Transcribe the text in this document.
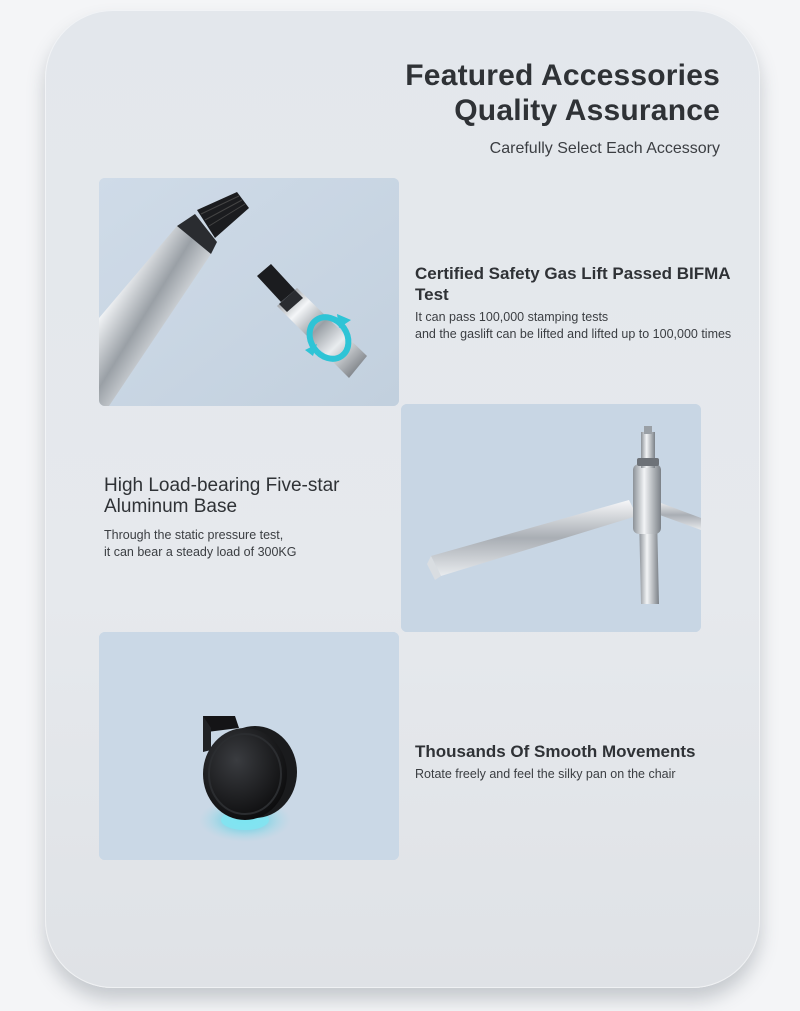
Featured Accessories
Quality Assurance
Carefully Select Each Accessory
Certified Safety Gas Lift Passed BIFMA Test

It can pass 100,000 stamping tests
and the gaslift can be lifted and lifted up to 100,000 times

High Load-bearing Five-star
Aluminum Base

Through the static pressure test,
it can bear a steady load of 300KG

Thousands Of Smooth Movements

Rotate freely and feel the silky pan on the chair
